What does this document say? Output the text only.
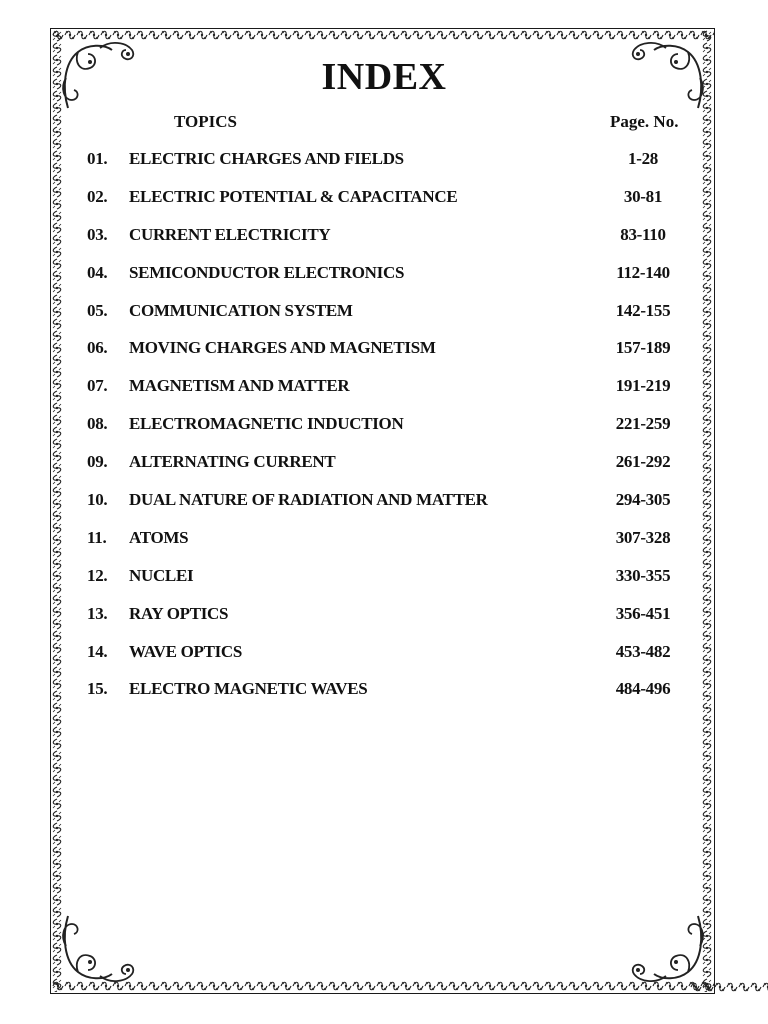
INDEX
TOPICS	Page. No.
01. ELECTRIC CHARGES AND FIELDS	1-28
02. ELECTRIC POTENTIAL & CAPACITANCE	30-81
03. CURRENT ELECTRICITY	83-110
04. SEMICONDUCTOR ELECTRONICS	112-140
05. COMMUNICATION SYSTEM	142-155
06. MOVING CHARGES AND MAGNETISM	157-189
07. MAGNETISM AND MATTER	191-219
08. ELECTROMAGNETIC INDUCTION	221-259
09. ALTERNATING CURRENT	261-292
10. DUAL NATURE OF RADIATION AND MATTER	294-305
11. ATOMS	307-328
12. NUCLEI	330-355
13. RAY OPTICS	356-451
14. WAVE OPTICS	453-482
15. ELECTRO MAGNETIC WAVES	484-496
